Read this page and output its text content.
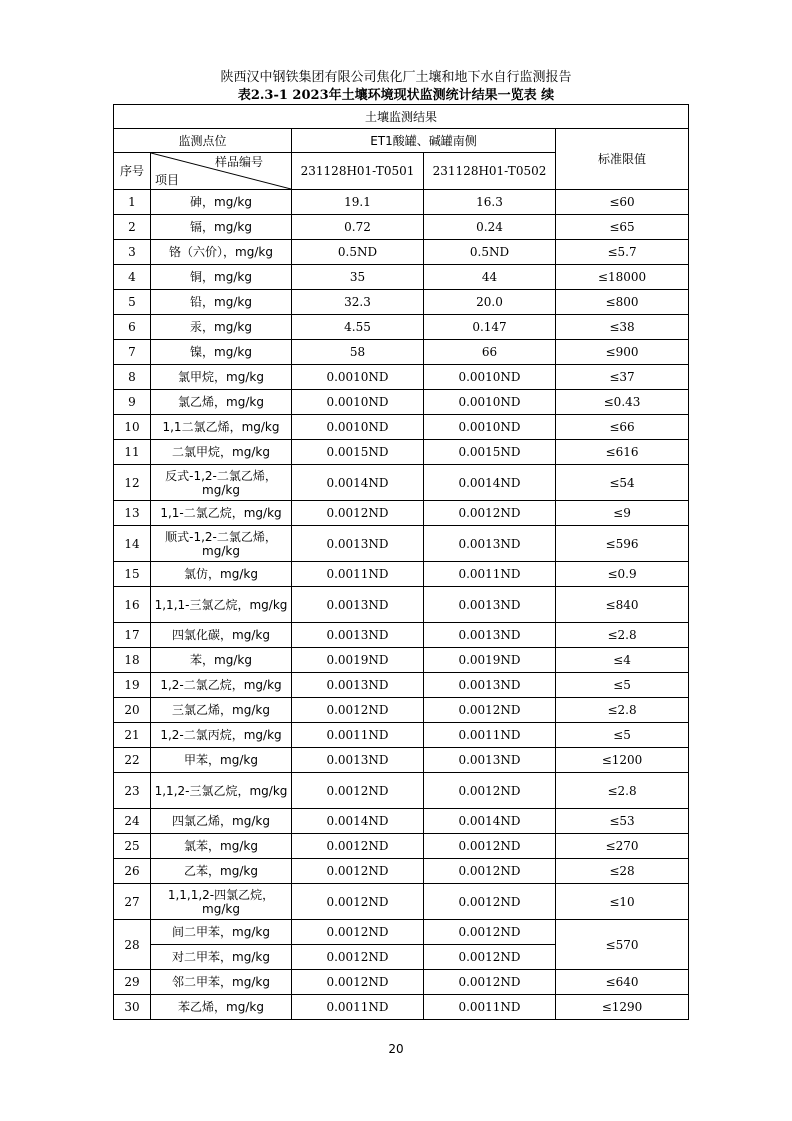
陕西汉中钢铁集团有限公司焦化厂土壤和地下水自行监测报告
表2.3-1 2023年土壤环境现状监测统计结果一览表 续
土壤监测结果				
监测点位		ET1酸罐、碱罐南侧		标准限值
序号	样品编号
项目	231128H01-T0501	231128H01-T0502	
1	砷，mg/kg	19.1	16.3	≤60
2	镉，mg/kg	0.72	0.24	≤65
3	铬（六价），mg/kg	0.5ND	0.5ND	≤5.7
4	铜，mg/kg	35	44	≤18000
5	铅，mg/kg	32.3	20.0	≤800
6	汞，mg/kg	4.55	0.147	≤38
7	镍，mg/kg	58	66	≤900
8	氯甲烷，mg/kg	0.0010ND	0.0010ND	≤37
9	氯乙烯，mg/kg	0.0010ND	0.0010ND	≤0.43
10	1,1二氯乙烯，mg/kg	0.0010ND	0.0010ND	≤66
11	二氯甲烷，mg/kg	0.0015ND	0.0015ND	≤616
12	反式-1,2-二氯乙烯，mg/kg	0.0014ND	0.0014ND	≤54
13	1,1-二氯乙烷，mg/kg	0.0012ND	0.0012ND	≤9
14	顺式-1,2-二氯乙烯，mg/kg	0.0013ND	0.0013ND	≤596
15	氯仿，mg/kg	0.0011ND	0.0011ND	≤0.9
16	1,1,1-三氯乙烷，mg/kg	0.0013ND	0.0013ND	≤840
17	四氯化碳，mg/kg	0.0013ND	0.0013ND	≤2.8
18	苯，mg/kg	0.0019ND	0.0019ND	≤4
19	1,2-二氯乙烷，mg/kg	0.0013ND	0.0013ND	≤5
20	三氯乙烯，mg/kg	0.0012ND	0.0012ND	≤2.8
21	1,2-二氯丙烷，mg/kg	0.0011ND	0.0011ND	≤5
22	甲苯，mg/kg	0.0013ND	0.0013ND	≤1200
23	1,1,2-三氯乙烷，mg/kg	0.0012ND	0.0012ND	≤2.8
24	四氯乙烯，mg/kg	0.0014ND	0.0014ND	≤53
25	氯苯，mg/kg	0.0012ND	0.0012ND	≤270
26	乙苯，mg/kg	0.0012ND	0.0012ND	≤28
27	1,1,1,2-四氯乙烷，mg/kg	0.0012ND	0.0012ND	≤10
28	间二甲苯，mg/kg	0.0012ND	0.0012ND	≤570
	对二甲苯，mg/kg	0.0012ND	0.0012ND	
29	邻二甲苯，mg/kg	0.0012ND	0.0012ND	≤640
30	苯乙烯，mg/kg	0.0011ND	0.0011ND	≤1290
20
